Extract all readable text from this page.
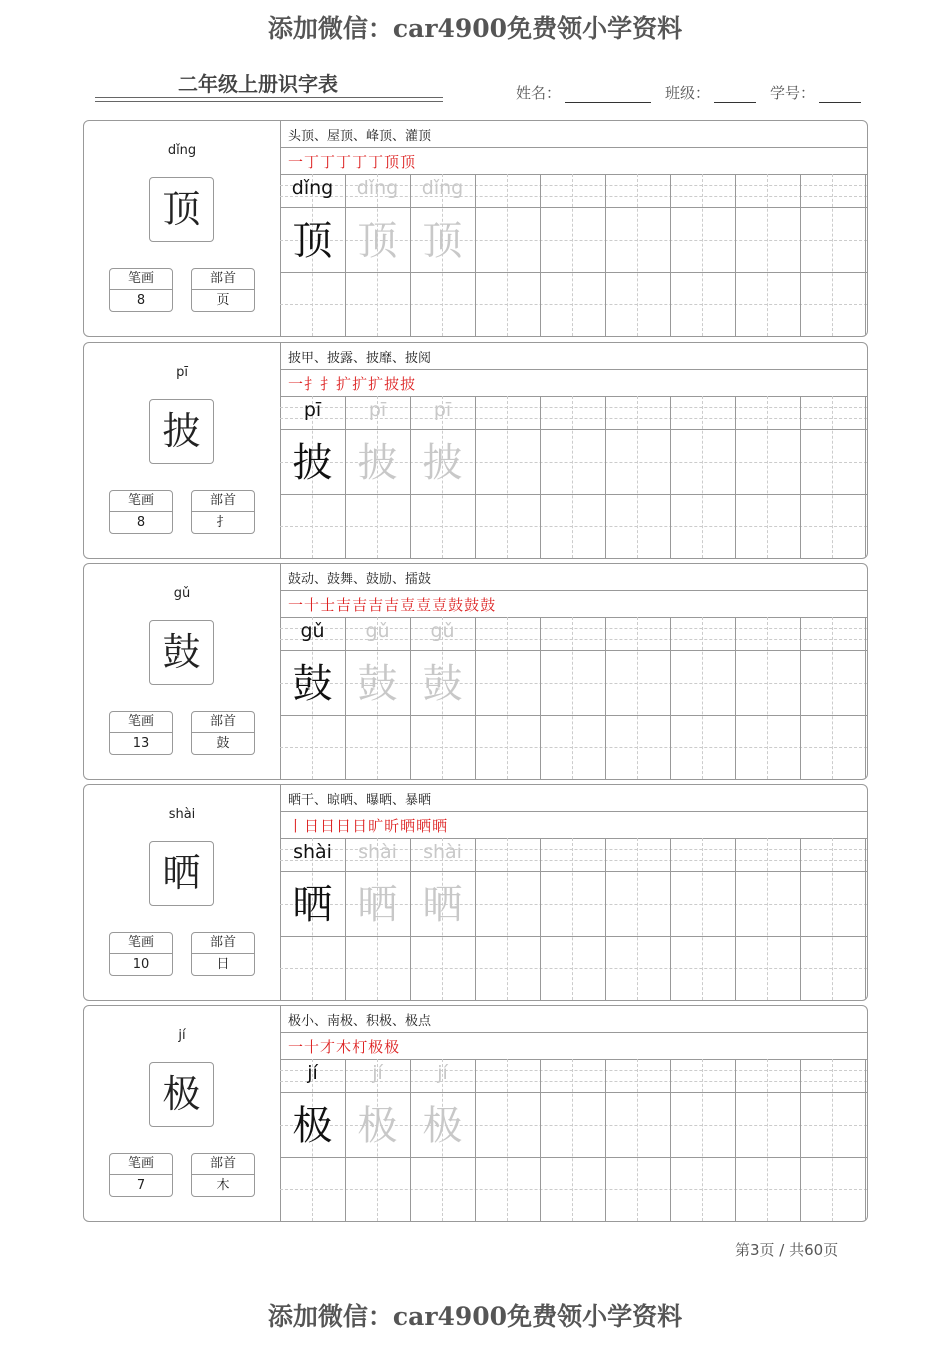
添加微信：car4900免费领小学资料
二年级上册识字表	姓名：	班级：	学号：
dǐng
顶
笔画
8
部首
页
头顶、屋顶、峰顶、灌顶
一丁丁丁丁丁顶顶
dǐng
顶
dǐng
顶
dǐng
顶
pī
披
笔画
8
部首
扌
披甲、披露、披靡、披阅
一扌扌扩扩扩披披
pī
披
pī
披
pī
披
gǔ
鼓
笔画
13
部首
鼓
鼓动、鼓舞、鼓励、擂鼓
一十士吉吉吉吉壴壴壴鼓鼓鼓
gǔ
鼓
gǔ
鼓
gǔ
鼓
shài
晒
笔画
10
部首
日
晒干、晾晒、曝晒、暴晒
丨日日日日旷昕晒晒晒
shài
晒
shài
晒
shài
晒
jí
极
笔画
7
部首
木
极小、南极、积极、极点
一十才木朾极极
jí
极
jí
极
jí
极
第3页 / 共60页
添加微信：car4900免费领小学资料
